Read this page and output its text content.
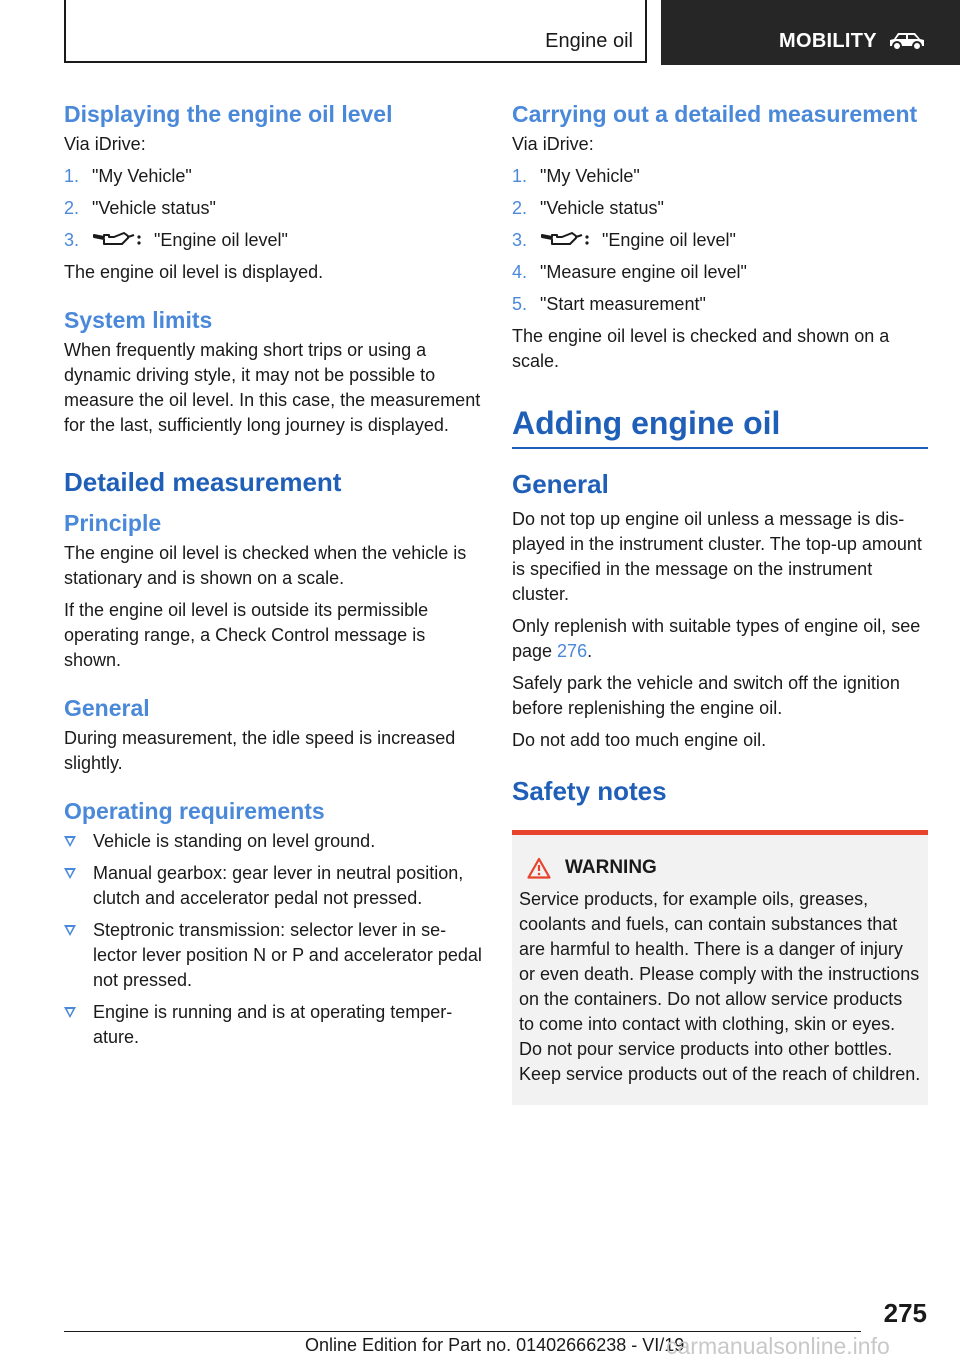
Engine oil	MOBILITY
Displaying the engine oil level

Via iDrive:

1. "My Vehicle"
2. "Vehicle status"
3.	"Engine oil level"

The engine oil level is displayed.

System limits

When frequently making short trips or using a dynamic driving style, it may not be possible to measure the oil level. In this case, the measurement for the last, sufficiently long journey is displayed.

Detailed measurement
Principle

The engine oil level is checked when the vehicle is stationary and is shown on a scale.

If the engine oil level is outside its permissible operating range, a Check Control message is shown.

General

During measurement, the idle speed is increased slightly.

Operating requirements
Vehicle is standing on level ground.
Manual gearbox: gear lever in neutral position, clutch and accelerator pedal not pressed.
Steptronic transmission: selector lever in selector lever position N or P and accelerator pedal not pressed.
Engine is running and is at operating temperature.
Carrying out a detailed measurement

Via iDrive:

1. "My Vehicle"
2. "Vehicle status"
3.	"Engine oil level"
4. "Measure engine oil level"
5. "Start measurement"

The engine oil level is checked and shown on a scale.

Adding engine oil
General

Do not top up engine oil unless a message is displayed in the instrument cluster. The top-up amount is specified in the message on the instrument cluster.

Only replenish with suitable types of engine oil, see page 276.

Safely park the vehicle and switch off the ignition before replenishing the engine oil.

Do not add too much engine oil.

Safety notes
WARNING

Service products, for example oils, greases, coolants and fuels, can contain substances that are harmful to health. There is a danger of injury or even death. Please comply with the instructions on the containers. Do not allow service products to come into contact with clothing, skin or eyes. Do not pour service products into other bottles. Keep service products out of the reach of children.

275
Online Edition for Part no. 01402666238 - VI/19
carmanualsonline.info
